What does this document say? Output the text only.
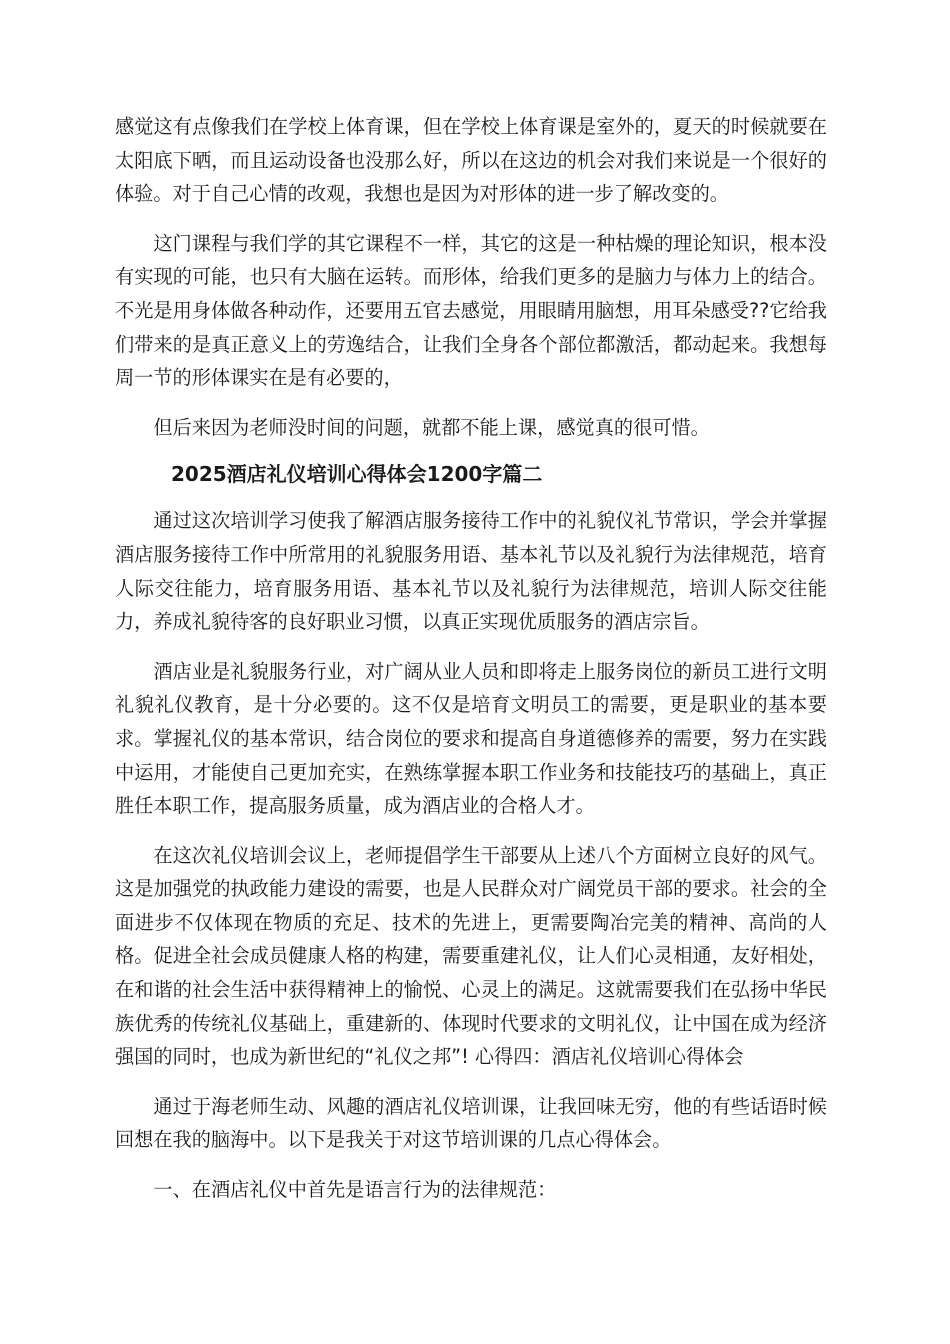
感觉这有点像我们在学校上体育课，但在学校上体育课是室外的，夏天的时候就要在太阳底下晒，而且运动设备也没那么好，所以在这边的机会对我们来说是一个很好的体验。对于自己心情的改观，我想也是因为对形体的进一步了解改变的。

这门课程与我们学的其它课程不一样，其它的这是一种枯燥的理论知识，根本没有实现的可能，也只有大脑在运转。而形体，给我们更多的是脑力与体力上的结合。不光是用身体做各种动作，还要用五官去感觉，用眼睛用脑想，用耳朵感受??它给我们带来的是真正意义上的劳逸结合，让我们全身各个部位都激活，都动起来。我想每周一节的形体课实在是有必要的，

但后来因为老师没时间的问题，就都不能上课，感觉真的很可惜。

2025酒店礼仪培训心得体会1200字篇二

通过这次培训学习使我了解酒店服务接待工作中的礼貌仪礼节常识，学会并掌握酒店服务接待工作中所常用的礼貌服务用语、基本礼节以及礼貌行为法律规范，培育人际交往能力，培育服务用语、基本礼节以及礼貌行为法律规范，培训人际交往能力，养成礼貌待客的良好职业习惯，以真正实现优质服务的酒店宗旨。

酒店业是礼貌服务行业，对广阔从业人员和即将走上服务岗位的新员工进行文明礼貌礼仪教育，是十分必要的。这不仅是培育文明员工的需要，更是职业的基本要求。掌握礼仪的基本常识，结合岗位的要求和提高自身道德修养的需要，努力在实践中运用，才能使自己更加充实，在熟练掌握本职工作业务和技能技巧的基础上，真正胜任本职工作，提高服务质量，成为酒店业的合格人才。

在这次礼仪培训会议上，老师提倡学生干部要从上述八个方面树立良好的风气。这是加强党的执政能力建设的需要，也是人民群众对广阔党员干部的要求。社会的全面进步不仅体现在物质的充足、技术的先进上，更需要陶冶完美的精神、高尚的人格。促进全社会成员健康人格的构建，需要重建礼仪，让人们心灵相通，友好相处，在和谐的社会生活中获得精神上的愉悦、心灵上的满足。这就需要我们在弘扬中华民族优秀的传统礼仪基础上，重建新的、体现时代要求的文明礼仪，让中国在成为经济强国的同时，也成为新世纪的“礼仪之邦”! 心得四：酒店礼仪培训心得体会

通过于海老师生动、风趣的酒店礼仪培训课，让我回味无穷，他的有些话语时候回想在我的脑海中。以下是我关于对这节培训课的几点心得体会。

一、在酒店礼仪中首先是语言行为的法律规范：
